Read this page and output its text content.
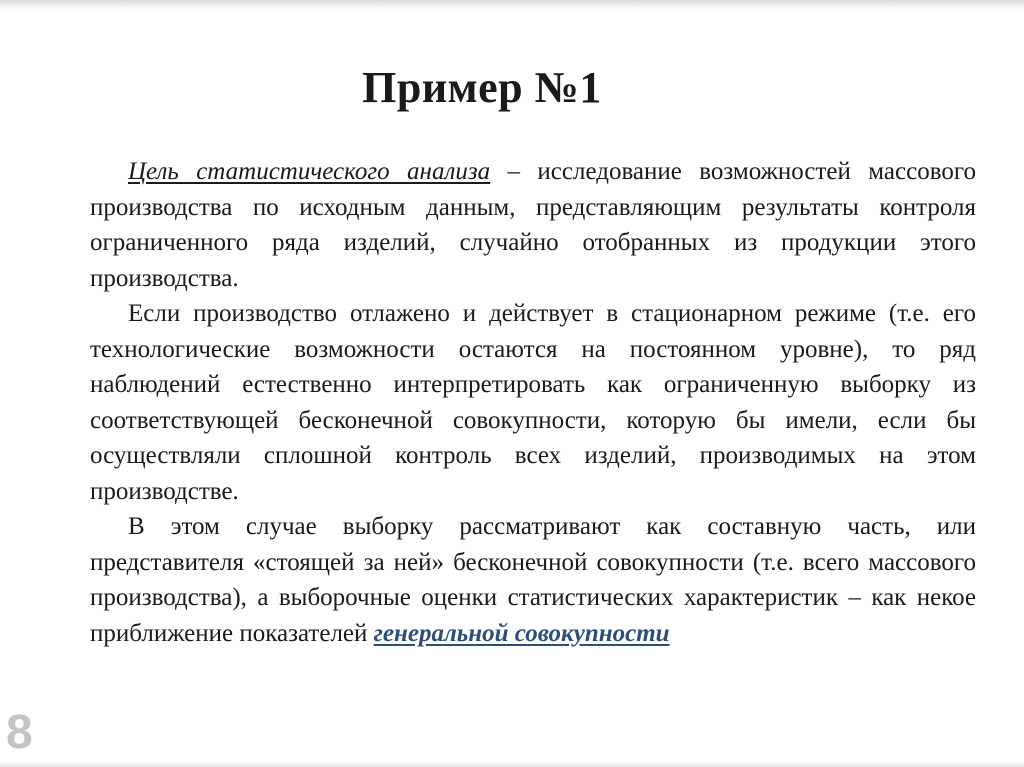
Пример №1

Цель статистического анализа – исследование возможностей массового производства по исходным данным, представляющим результаты контроля ограниченного ряда изделий, случайно отобранных из продукции этого производства.

Если производство отлажено и действует в стационарном режиме (т.е. его технологические возможности остаются на постоянном уровне), то ряд наблюдений естественно интерпретировать как ограниченную выборку из соответствующей бесконечной совокупности, которую бы имели, если бы осуществляли сплошной контроль всех изделий, производимых на этом производстве.

В этом случае выборку рассматривают как составную часть, или представителя «стоящей за ней» бесконечной совокупности (т.е. всего массового производства), а выборочные оценки статистических характеристик – как некое приближение показателей генеральной совокупности

8
